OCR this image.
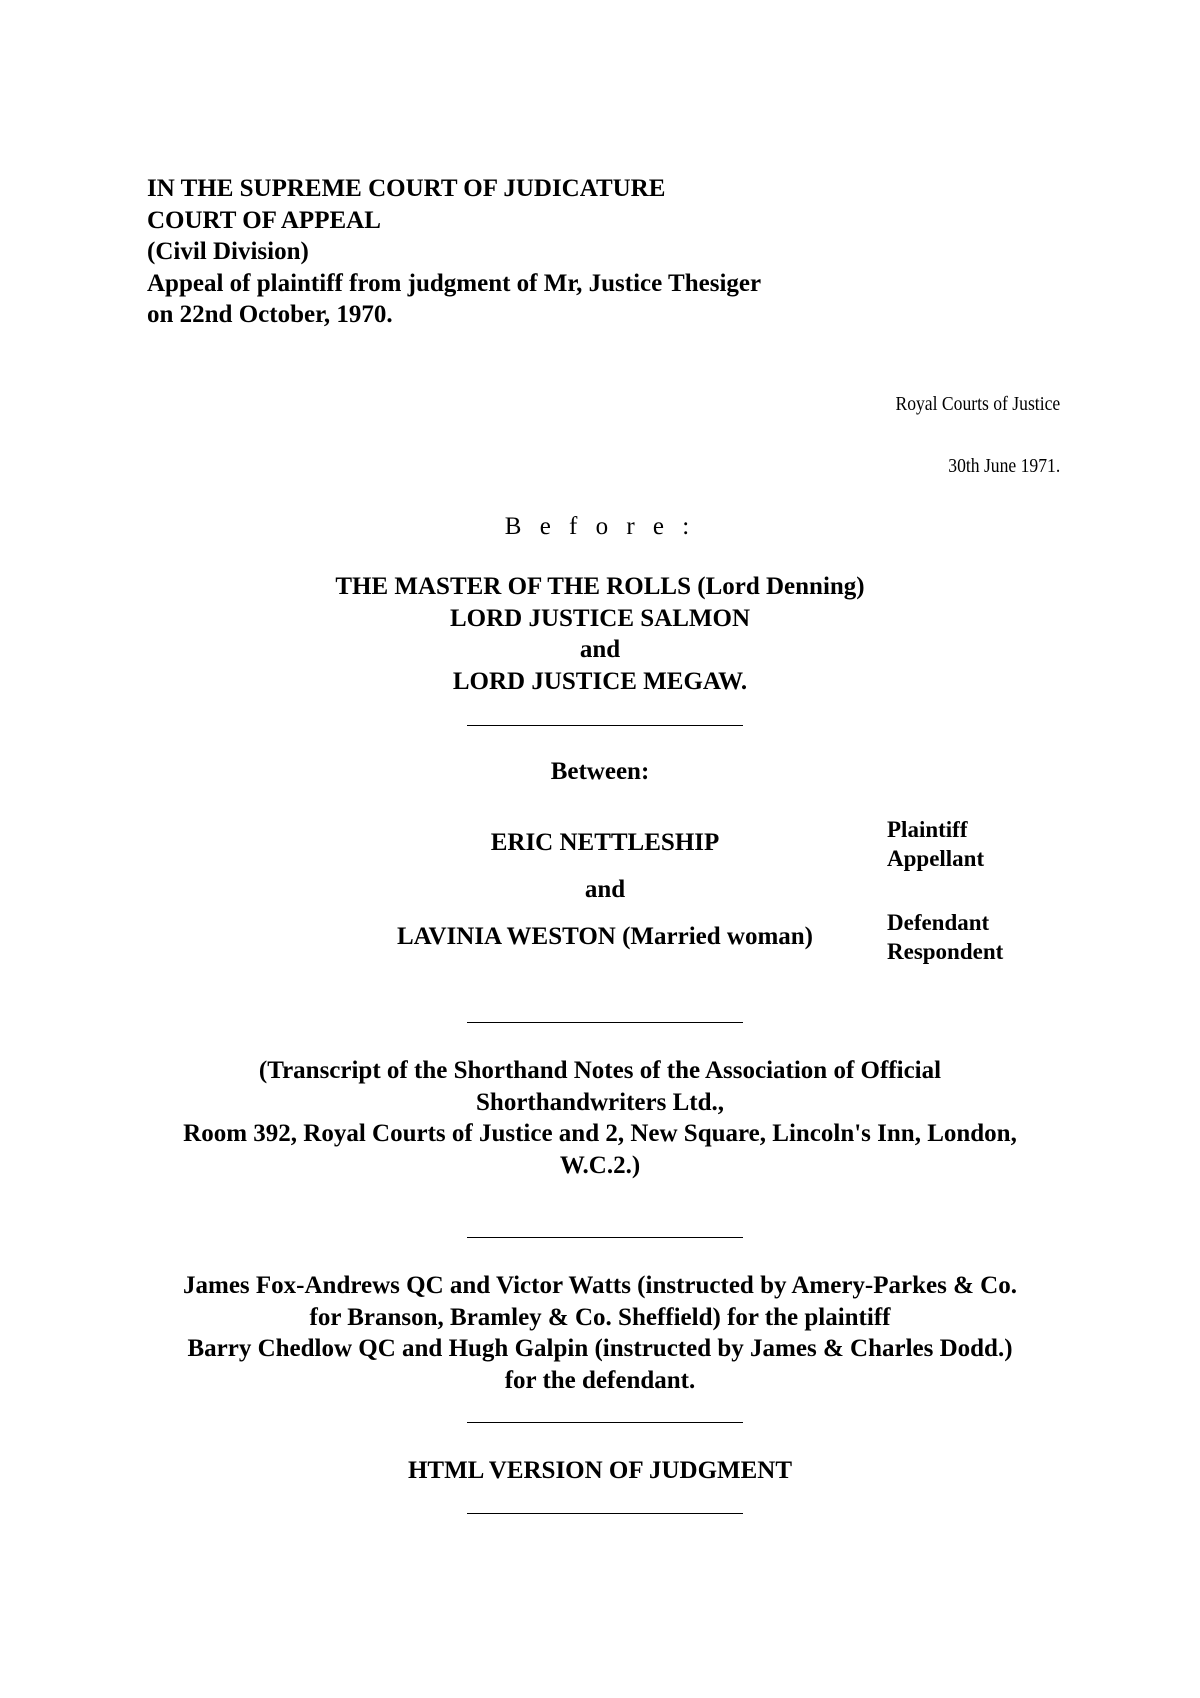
IN THE SUPREME COURT OF JUDICATURE
COURT OF APPEAL
(Civil Division)
Appeal of plaintiff from judgment of Mr, Justice Thesiger
on 22nd October, 1970.
Royal Courts of Justice
30th June 1971.
B e f o r e :
THE MASTER OF THE ROLLS (Lord Denning)
LORD JUSTICE SALMON
and
LORD JUSTICE MEGAW.
Between:
ERIC NETTLESHIP	Plaintiff
Appellant
and
LAVINIA WESTON (Married woman)
Defendant
Respondent
(Transcript of the Shorthand Notes of the Association of Official
Shorthandwriters Ltd.,
Room 392, Royal Courts of Justice and 2, New Square, Lincoln's Inn, London,
W.C.2.)
James Fox-Andrews QC and Victor Watts (instructed by Amery-Parkes & Co.
for Branson, Bramley & Co. Sheffield) for the plaintiff
Barry Chedlow QC and Hugh Galpin (instructed by James & Charles Dodd.)
for the defendant.
HTML VERSION OF JUDGMENT
